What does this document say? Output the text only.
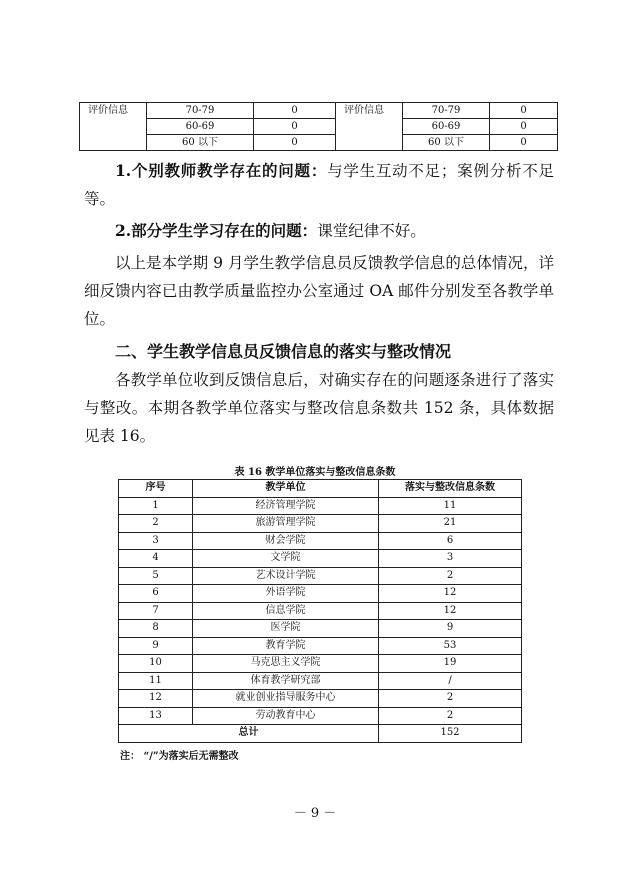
评价信息	70-79	0	评价信息	70-79	0
	60-69	0		60-69	0
	60 以下	0		60 以下	0

1.个别教师教学存在的问题：与学生互动不足；案例分析不足等。

2.部分学生学习存在的问题：课堂纪律不好。

以上是本学期 9 月学生教学信息员反馈教学信息的总体情况，详细反馈内容已由教学质量监控办公室通过 OA 邮件分别发至各教学单位。

二、学生教学信息员反馈信息的落实与整改情况

各教学单位收到反馈信息后，对确实存在的问题逐条进行了落实与整改。本期各教学单位落实与整改信息条数共 152 条，具体数据见表 16。

表 16 教学单位落实与整改信息条数

序号	教学单位	落实与整改信息条数
1	经济管理学院	11
2	旅游管理学院	21
3	财会学院	6
4	文学院	3
5	艺术设计学院	2
6	外语学院	12
7	信息学院	12
8	医学院	9
9	教育学院	53
10	马克思主义学院	19
11	体育教学研究部	/
12	就业创业指导服务中心	2
13	劳动教育中心	2
总计		152

注： “/”为落实后无需整改

－ 9 －
